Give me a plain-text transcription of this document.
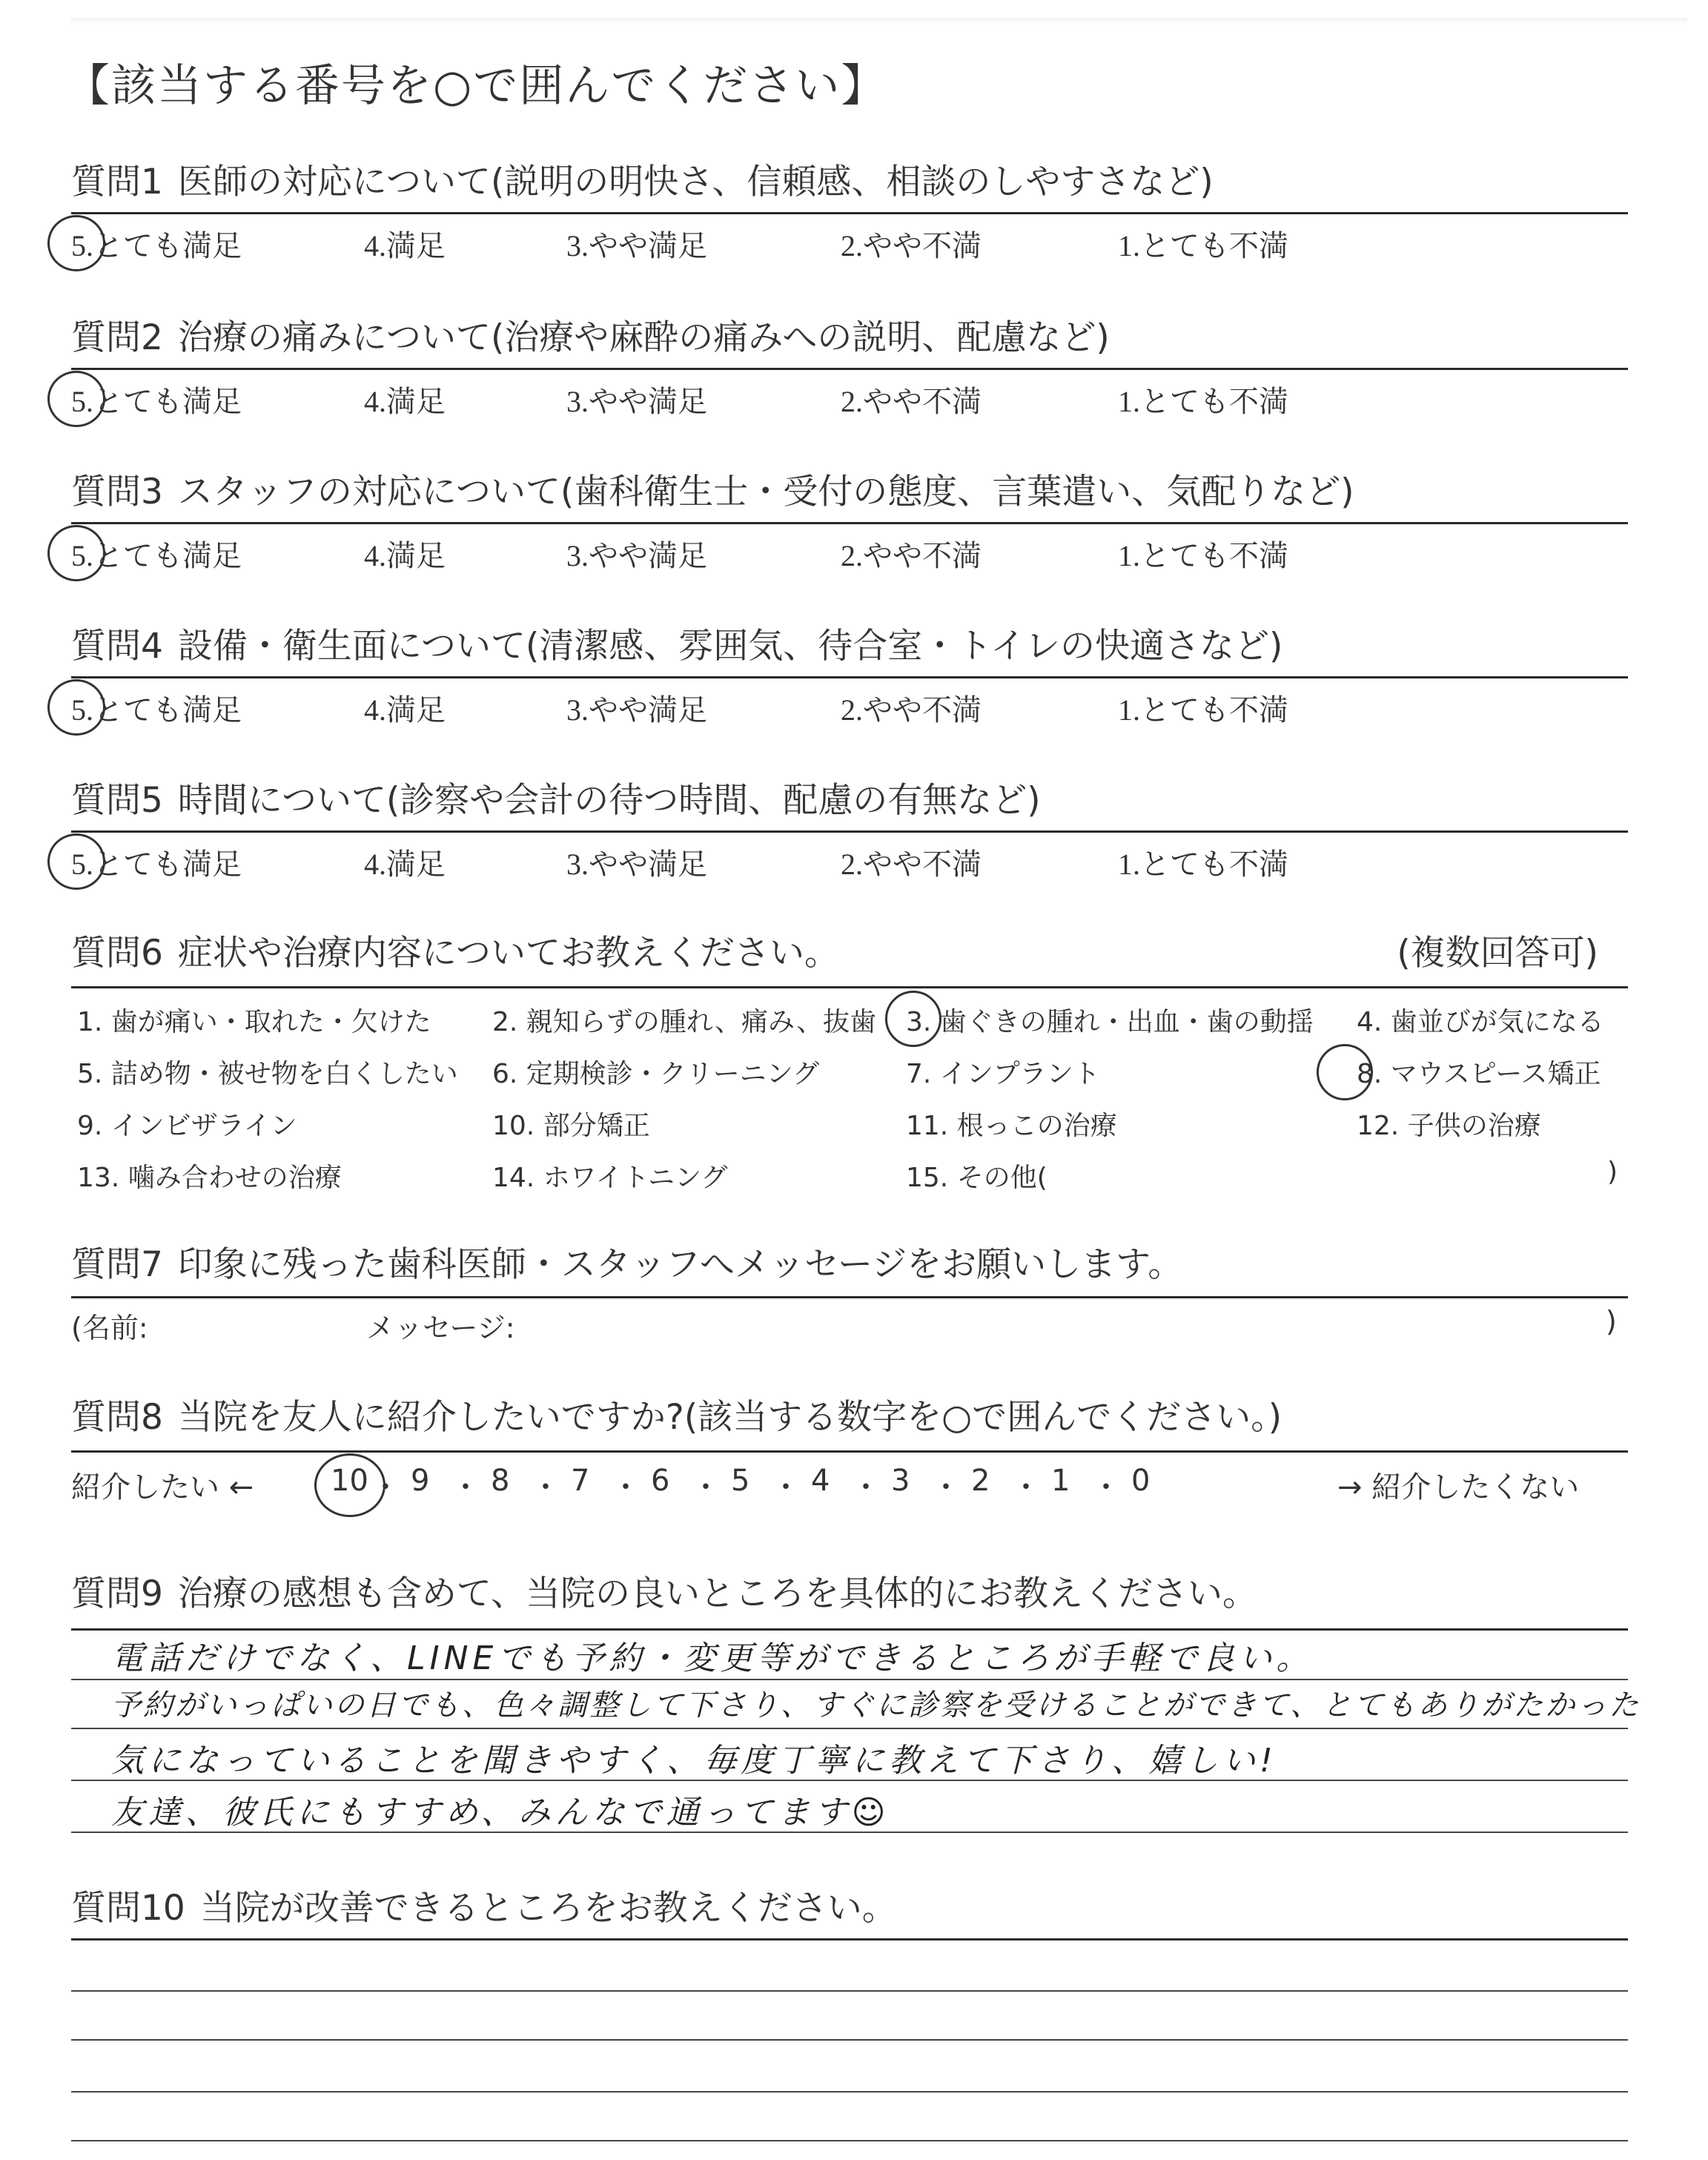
【該当する番号を○で囲んでください】
質問1 医師の対応について(説明の明快さ、信頼感、相談のしやすさなど)
5.とても満足	4.満足	3.やや満足	2.やや不満	1.とても不満
質問2 治療の痛みについて(治療や麻酔の痛みへの説明、配慮など)
5.とても満足	4.満足	3.やや満足	2.やや不満	1.とても不満
質問3 スタッフの対応について(歯科衛生士・受付の態度、言葉遣い、気配りなど)
5.とても満足	4.満足	3.やや満足	2.やや不満	1.とても不満
質問4 設備・衛生面について(清潔感、雰囲気、待合室・トイレの快適さなど)
5.とても満足	4.満足	3.やや満足	2.やや不満	1.とても不満
質問5 時間について(診察や会計の待つ時間、配慮の有無など)
5.とても満足	4.満足	3.やや満足	2.やや不満	1.とても不満
質問6 症状や治療内容についてお教えください。	(複数回答可)
1. 歯が痛い・取れた・欠けた 2. 親知らずの腫れ、痛み、抜歯 3. 歯ぐきの腫れ・出血・歯の動揺 4. 歯並びが気になる
5. 詰め物・被せ物を白くしたい 6. 定期検診・クリーニング	7. インプラント	8. マウスピース矯正
9. インビザライン	10. 部分矯正	11. 根っこの治療	12. 子供の治療
13. 噛み合わせの治療	14. ホワイトニング	15. その他(	)
質問7 印象に残った歯科医師・スタッフへメッセージをお願いします。
(名前:	メッセージ:	)
質問8 当院を友人に紹介したいですか?(該当する数字を○で囲んでください。)
紹介したい ←	→ 紹介したくない
10 ・ 9 ・ 8 ・ 7 ・ 6 ・ 5 ・ 4 ・ 3 ・ 2 ・ 1 ・ 0
質問9 治療の感想も含めて、当院の良いところを具体的にお教えください。
電話だけでなく、LINEでも予約・変更等ができるところが手軽で良い。
予約がいっぱいの日でも、色々調整して下さり、すぐに診察を受けることができて、とてもありがたかった
気になっていることを聞きやすく、毎度丁寧に教えて下さり、嬉しい!
友達、彼氏にもすすめ、みんなで通ってます☺
質問10 当院が改善できるところをお教えください。
